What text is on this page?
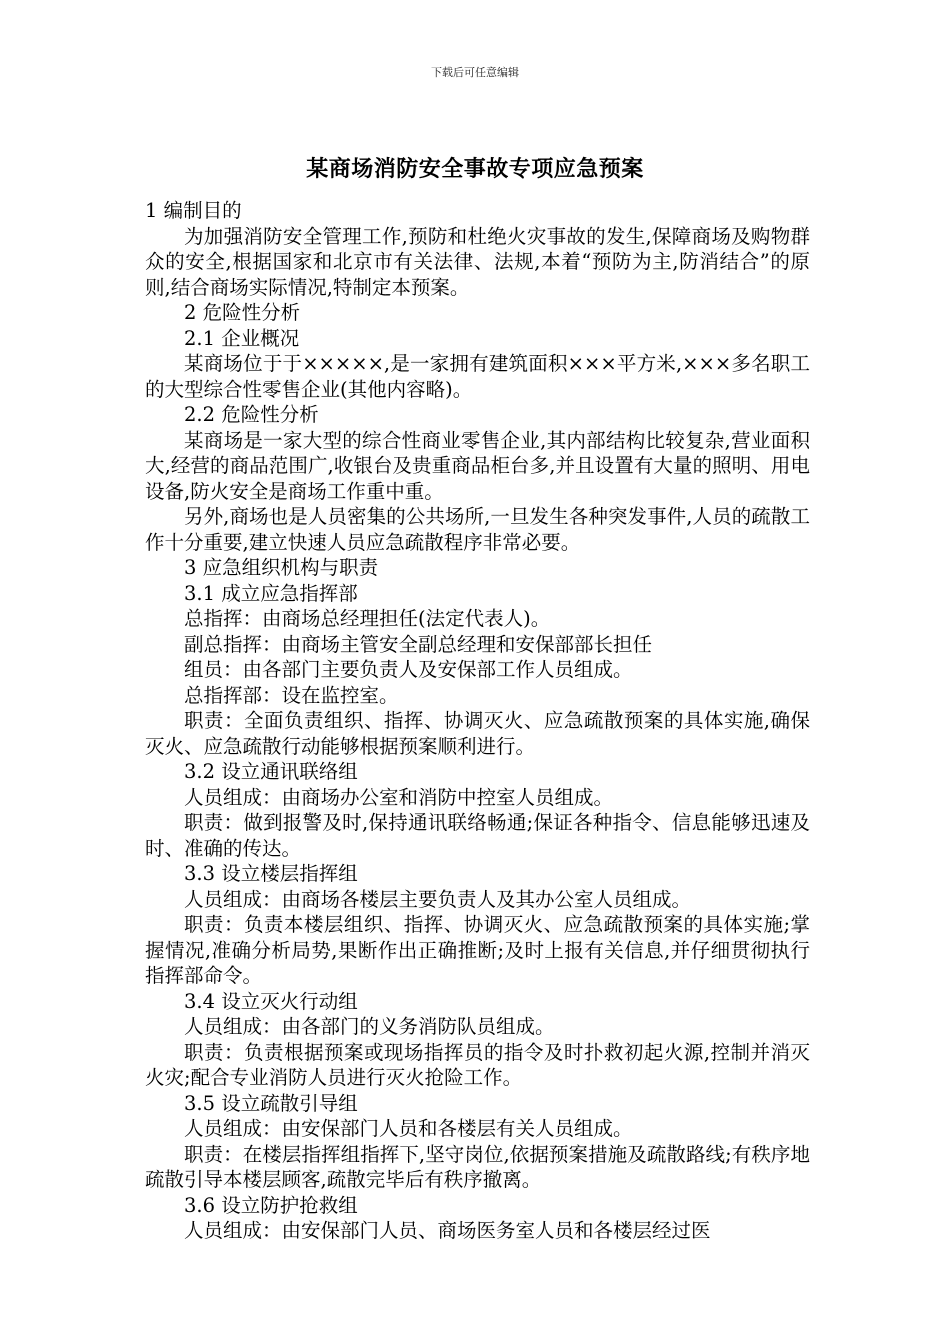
下载后可任意编辑
某商场消防安全事故专项应急预案

1 编制目的

为加强消防安全管理工作,预防和杜绝火灾事故的发生,保障商场及购物群众的安全,根据国家和北京市有关法律、法规,本着“预防为主,防消结合”的原则,结合商场实际情况,特制定本预案。

2 危险性分析

2.1 企业概况

某商场位于于×××××,是一家拥有建筑面积×××平方米,×××多名职工的大型综合性零售企业(其他内容略)。

2.2 危险性分析

某商场是一家大型的综合性商业零售企业,其内部结构比较复杂,营业面积大,经营的商品范围广,收银台及贵重商品柜台多,并且设置有大量的照明、用电设备,防火安全是商场工作重中重。

另外,商场也是人员密集的公共场所,一旦发生各种突发事件,人员的疏散工作十分重要,建立快速人员应急疏散程序非常必要。

3 应急组织机构与职责

3.1 成立应急指挥部

总指挥：由商场总经理担任(法定代表人)。

副总指挥：由商场主管安全副总经理和安保部部长担任

组员：由各部门主要负责人及安保部工作人员组成。

总指挥部：设在监控室。

职责：全面负责组织、指挥、协调灭火、应急疏散预案的具体实施,确保灭火、应急疏散行动能够根据预案顺利进行。

3.2 设立通讯联络组

人员组成：由商场办公室和消防中控室人员组成。

职责：做到报警及时,保持通讯联络畅通;保证各种指令、信息能够迅速及时、准确的传达。

3.3 设立楼层指挥组

人员组成：由商场各楼层主要负责人及其办公室人员组成。

职责：负责本楼层组织、指挥、协调灭火、应急疏散预案的具体实施;掌握情况,准确分析局势,果断作出正确推断;及时上报有关信息,并仔细贯彻执行指挥部命令。

3.4 设立灭火行动组

人员组成：由各部门的义务消防队员组成。

职责：负责根据预案或现场指挥员的指令及时扑救初起火源,控制并消灭火灾;配合专业消防人员进行灭火抢险工作。

3.5 设立疏散引导组

人员组成：由安保部门人员和各楼层有关人员组成。

职责：在楼层指挥组指挥下,坚守岗位,依据预案措施及疏散路线;有秩序地疏散引导本楼层顾客,疏散完毕后有秩序撤离。

3.6 设立防护抢救组

人员组成：由安保部门人员、商场医务室人员和各楼层经过医
